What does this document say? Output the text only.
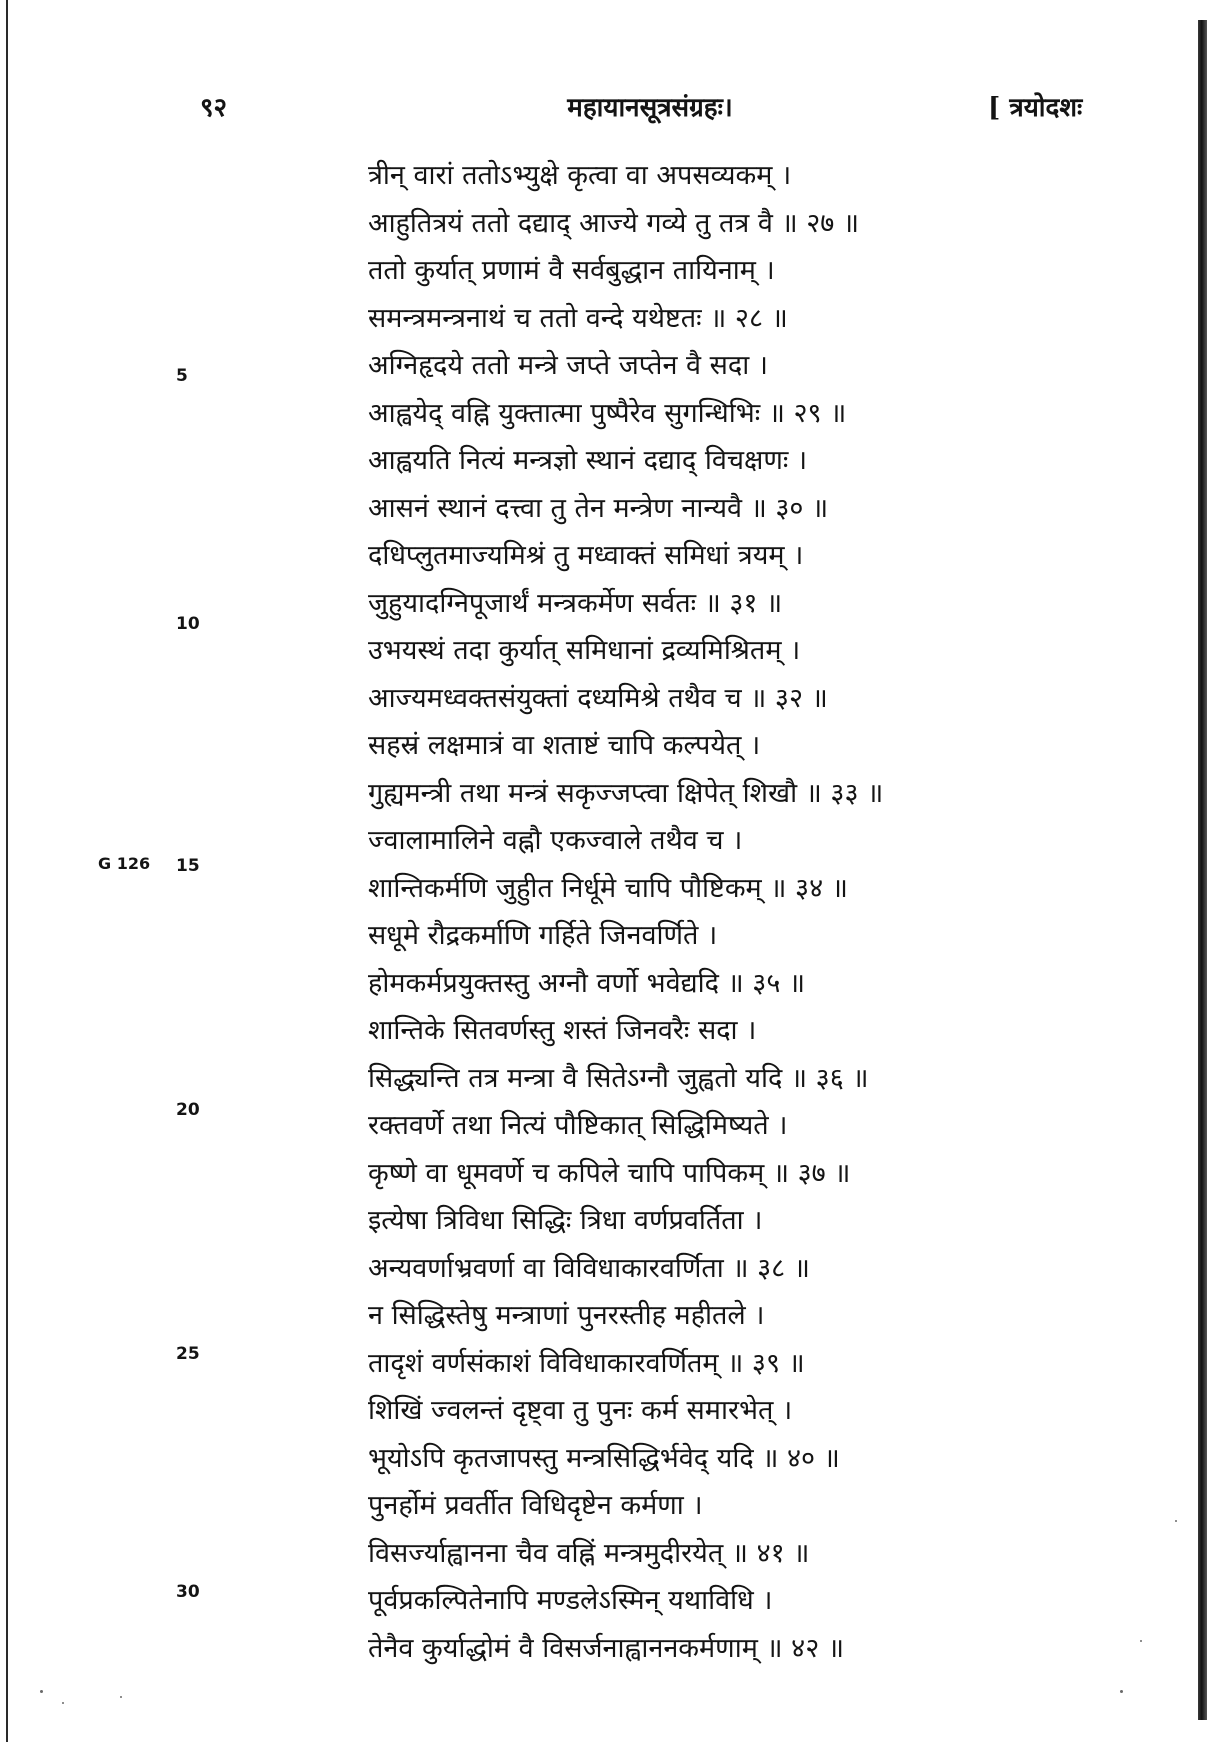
९२	महायानसूत्रसंग्रहः।	[ त्रयोदशः
G 126
5
10
15
20
25
30
त्रीन् वारां ततोऽभ्युक्षे कृत्वा वा अपसव्यकम् ।
आहुतित्रयं ततो दद्याद् आज्ये गव्ये तु तत्र वै ॥ २७ ॥
ततो कुर्यात् प्रणामं वै सर्वबुद्धान तायिनाम् ।
समन्त्रमन्त्रनाथं च ततो वन्दे यथेष्टतः ॥ २८ ॥
अग्निहृदये ततो मन्त्रे जप्ते जप्तेन वै सदा ।
आह्वयेद् वह्नि युक्तात्मा पुष्पैरेव सुगन्धिभिः ॥ २९ ॥
आह्वयति नित्यं मन्त्रज्ञो स्थानं दद्याद् विचक्षणः ।
आसनं स्थानं दत्त्वा तु तेन मन्त्रेण नान्यवै ॥ ३० ॥
दधिप्लुतमाज्यमिश्रं तु मध्वाक्तं समिधां त्रयम् ।
जुहुयादग्निपूजार्थं मन्त्रकर्मेण सर्वतः ॥ ३१ ॥
उभयस्थं तदा कुर्यात् समिधानां द्रव्यमिश्रितम् ।
आज्यमध्वक्तसंयुक्तां दध्यमिश्रे तथैव च ॥ ३२ ॥
सहस्रं लक्षमात्रं वा शताष्टं चापि कल्पयेत् ।
गुह्यमन्त्री तथा मन्त्रं सकृज्जप्त्वा क्षिपेत् शिखौ ॥ ३३ ॥
ज्वालामालिने वह्नौ एकज्वाले तथैव च ।
शान्तिकर्मणि जुहुीत निर्धूमे चापि पौष्टिकम् ॥ ३४ ॥
सधूमे रौद्रकर्माणि गर्हिते जिनवर्णिते ।
होमकर्मप्रयुक्तस्तु अग्नौ वर्णो भवेद्यदि ॥ ३५ ॥
शान्तिके सितवर्णस्तु शस्तं जिनवरैः सदा ।
सिद्ध्यन्ति तत्र मन्त्रा वै सितेऽग्नौ जुह्वतो यदि ॥ ३६ ॥
रक्तवर्णे तथा नित्यं पौष्टिकात् सिद्धिमिष्यते ।
कृष्णे वा धूमवर्णे च कपिले चापि पापिकम् ॥ ३७ ॥
इत्येषा त्रिविधा सिद्धिः त्रिधा वर्णप्रवर्तिता ।
अन्यवर्णाभ्रवर्णा वा विविधाकारवर्णिता ॥ ३८ ॥
न सिद्धिस्तेषु मन्त्राणां पुनरस्तीह महीतले ।
तादृशं वर्णसंकाशं विविधाकारवर्णितम् ॥ ३९ ॥
शिखिं ज्वलन्तं दृष्ट्वा तु पुनः कर्म समारभेत् ।
भूयोऽपि कृतजापस्तु मन्त्रसिद्धिर्भवेद् यदि ॥ ४० ॥
पुनर्होमं प्रवर्तीत विधिदृष्टेन कर्मणा ।
विसर्ज्याह्वानना चैव वह्निं मन्त्रमुदीरयेत् ॥ ४१ ॥
पूर्वप्रकल्पितेनापि मण्डलेऽस्मिन् यथाविधि ।
तेनैव कुर्याद्धोमं वै विसर्जनाह्वाननकर्मणाम् ॥ ४२ ॥
